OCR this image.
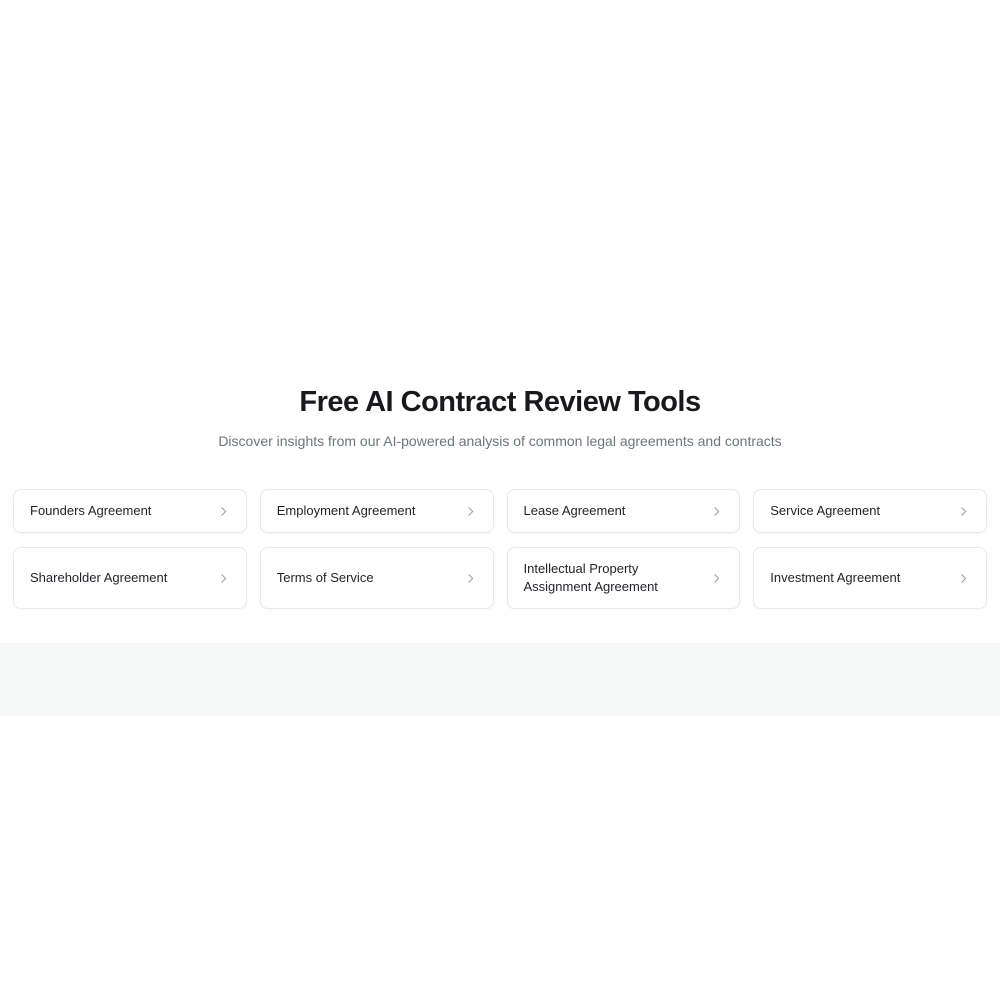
Free AI Contract Review Tools

Discover insights from our AI-powered analysis of common legal agreements and contracts

Founders Agreement	Employment Agreement	Lease Agreement	Service Agreement
Shareholder Agreement	Terms of Service
Intellectual Property Assignment Agreement
Investment Agreement
